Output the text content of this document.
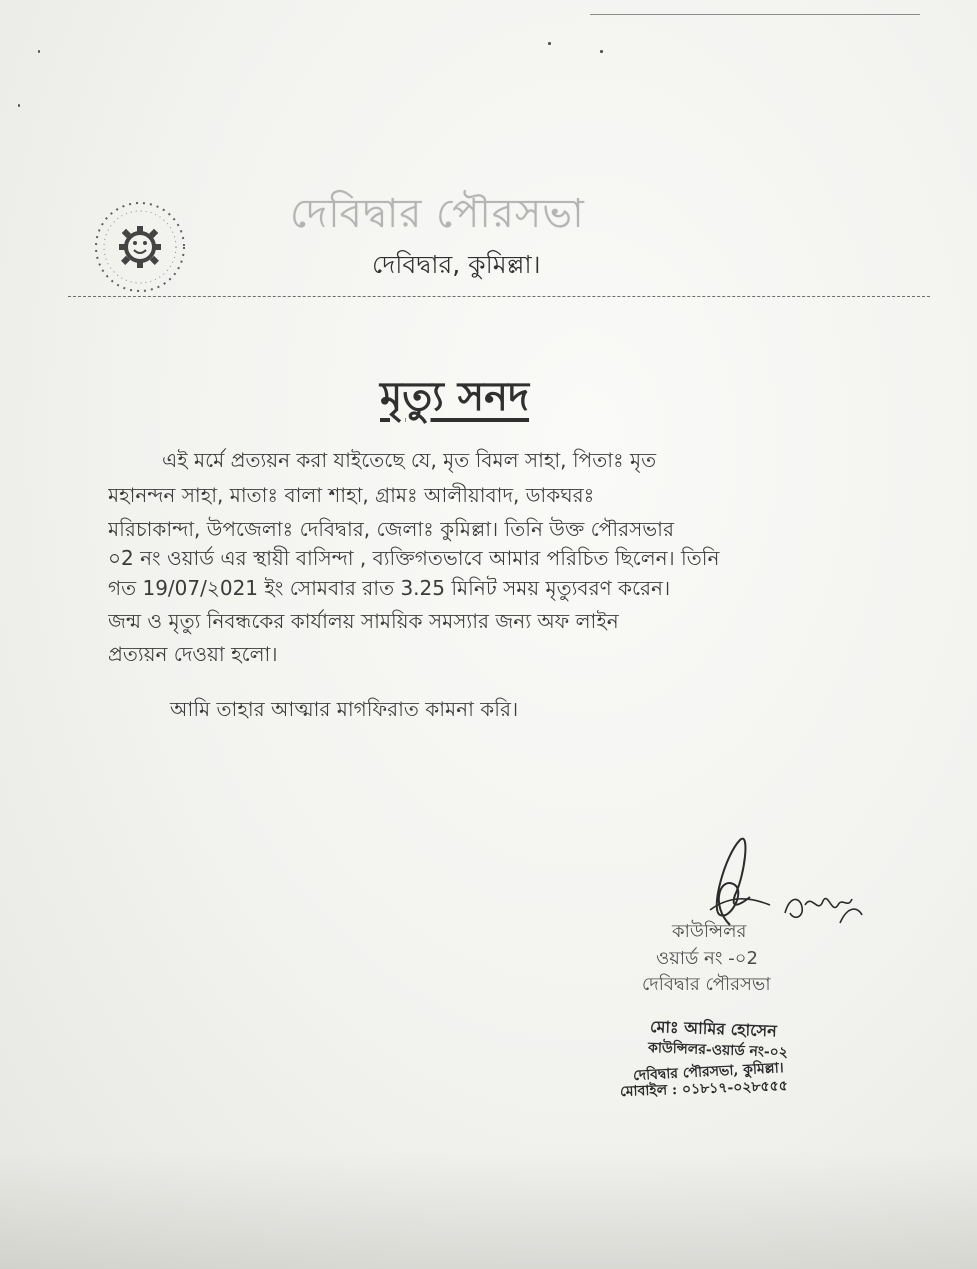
দেবিদ্বার পৌরসভা
দেবিদ্বার, কুমিল্লা।
মৃত্যু সনদ
এই মর্মে প্রত্যয়ন করা যাইতেছে যে, মৃত বিমল সাহা, পিতাঃ মৃত
মহানন্দন সাহা, মাতাঃ বালা শাহা, গ্রামঃ আলীয়াবাদ, ডাকঘরঃ
মরিচাকান্দা, উপজেলাঃ দেবিদ্বার, জেলাঃ কুমিল্লা। তিনি উক্ত পৌরসভার
০2 নং ওয়ার্ড এর স্থায়ী বাসিন্দা , ব্যক্তিগতভাবে আমার পরিচিত ছিলেন। তিনি
গত 19/07/২021 ইং সোমবার রাত 3.25 মিনিট সময় মৃত্যুবরণ করেন।
জন্ম ও মৃত্যু নিবন্ধকের কার্যালয় সাময়িক সমস্যার জন্য অফ লাইন
প্রত্যয়ন দেওয়া হলো।
আমি তাহার আত্মার মাগফিরাত কামনা করি।
কাউন্সিলর
ওয়ার্ড নং -০2
দেবিদ্বার পৌরসভা
মোঃ আমির হোসেন
কাউন্সিলর-ওয়ার্ড নং-০২
দেবিদ্বার পৌরসভা, কুমিল্লা।
মোবাইল : ০১৮১৭-০২৮৫৫৫
